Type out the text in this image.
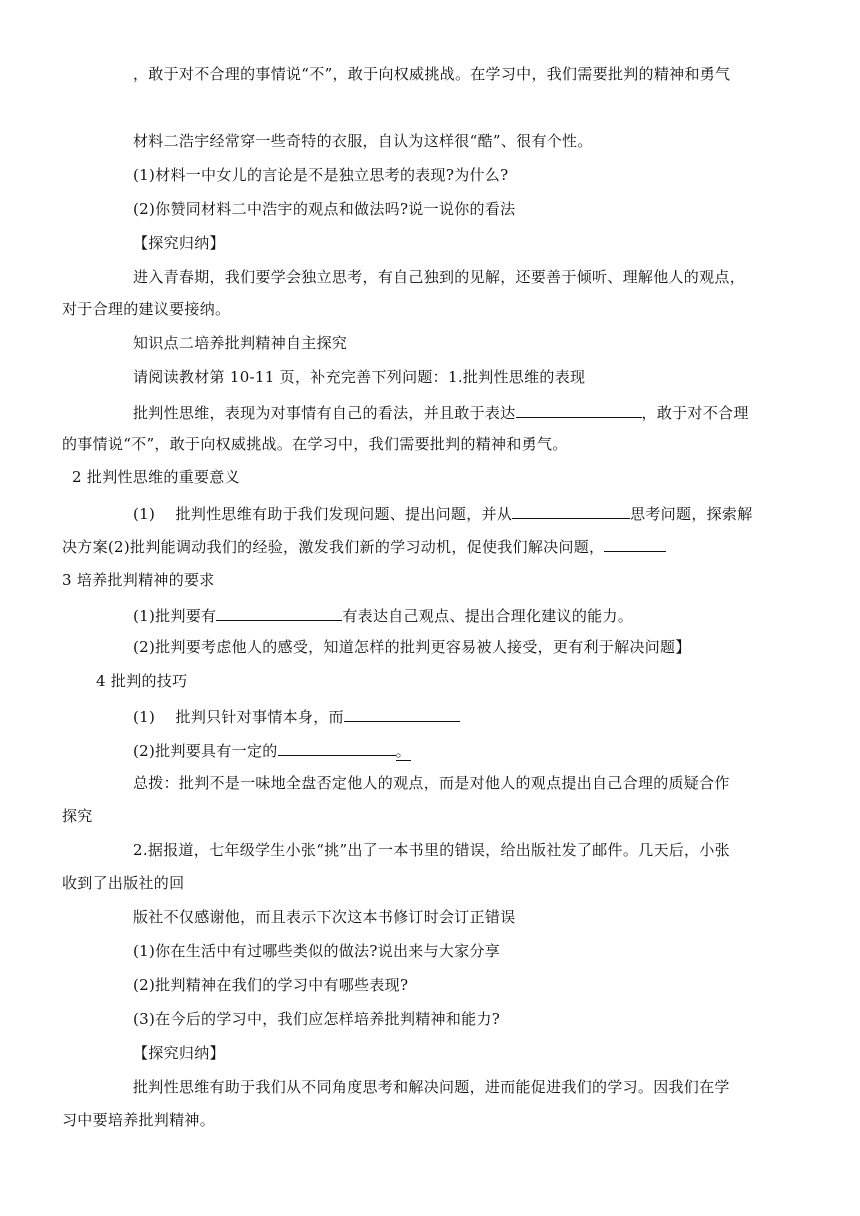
，敢于对不合理的事情说“不”，敢于向权威挑战。在学习中，我们需要批判的精神和勇气
材料二浩宇经常穿一些奇特的衣服，自认为这样很“酷”、很有个性。
(1)材料一中女儿的言论是不是独立思考的表现?为什么?
(2)你赞同材料二中浩宇的观点和做法吗?说一说你的看法
【探究归纳】
进入青春期，我们要学会独立思考，有自己独到的见解，还要善于倾听、理解他人的观点，
对于合理的建议要接纳。
知识点二培养批判精神自主探究
请阅读教材第 10-11 页，补充完善下列问题：1.批判性思维的表现
批判性思维，表现为对事情有自己的看法，并且敢于表达	，敢于对不合理
的事情说“不”，敢于向权威挑战。在学习中，我们需要批判的精神和勇气。
2 批判性思维的重要意义
(1)　 批判性思维有助于我们发现问题、提出问题，并从	思考问题，探索解
决方案(2)批判能调动我们的经验，激发我们新的学习动机，促使我们解决问题，
3 培养批判精神的要求
(1)批判要有	有表达自己观点、提出合理化建议的能力。
(2)批判要考虑他人的感受，知道怎样的批判更容易被人接受，更有利于解决问题】
4 批判的技巧
(1)　 批判只针对事情本身，而
(2)批判要具有一定的	。
总拨：批判不是一味地全盘否定他人的观点，而是对他人的观点提出自己合理的质疑合作
探究
2.据报道，七年级学生小张“挑”出了一本书里的错误，给出版社发了邮件。几天后，小张
收到了出版社的回
版社不仅感谢他，而且表示下次这本书修订时会订正错误
(1)你在生活中有过哪些类似的做法?说出来与大家分享
(2)批判精神在我们的学习中有哪些表现?
(3)在今后的学习中，我们应怎样培养批判精神和能力?
【探究归纳】
批判性思维有助于我们从不同角度思考和解决问题，进而能促进我们的学习。因我们在学
习中要培养批判精神。
